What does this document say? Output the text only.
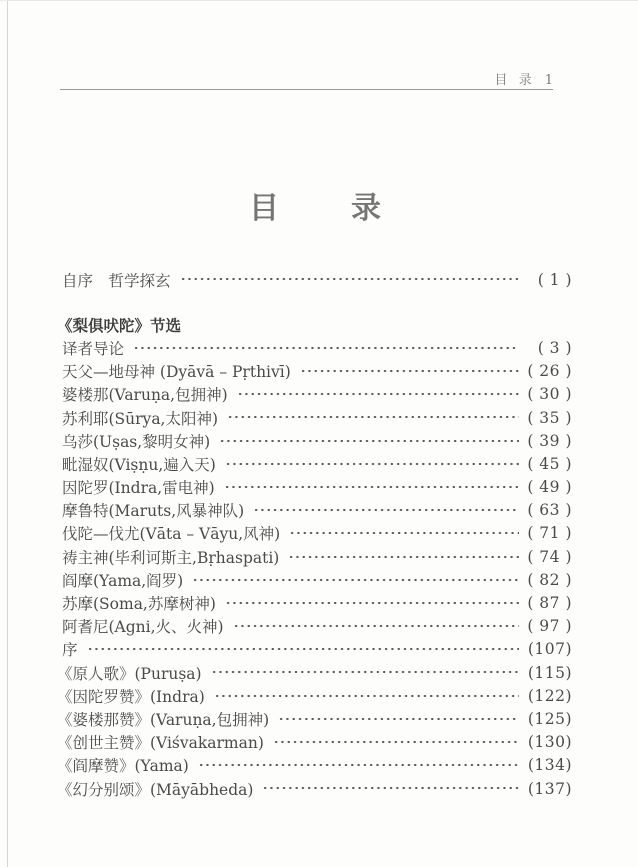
目  录 1
目　　录
自序　哲学探玄	( 1 )
《梨俱吠陀》节选
译者导论	( 3 )
天父—地母神 (Dyāvā – Pṛthivī)	( 26 )
婆楼那(Varuṇa,包拥神)	( 30 )
苏利耶(Sūrya,太阳神)	( 35 )
乌莎(Uṣas,黎明女神)	( 39 )
毗湿奴(Viṣṇu,遍入天)	( 45 )
因陀罗(Indra,雷电神)	( 49 )
摩鲁特(Maruts,风暴神队)	( 63 )
伐陀—伐尤(Vāta – Vāyu,风神)	( 71 )
祷主神(毕利诃斯主,Bṛhaspati)	( 74 )
阎摩(Yama,阎罗)	( 82 )
苏摩(Soma,苏摩树神)	( 87 )
阿耆尼(Agni,火、火神)	( 97 )
序	(107)
《原人歌》(Puruṣa)	(115)
《因陀罗赞》(Indra)	(122)
《婆楼那赞》(Varuṇa,包拥神)	(125)
《创世主赞》(Viśvakarman)	(130)
《阎摩赞》(Yama)	(134)
《幻分别颂》(Māyābheda)	(137)
